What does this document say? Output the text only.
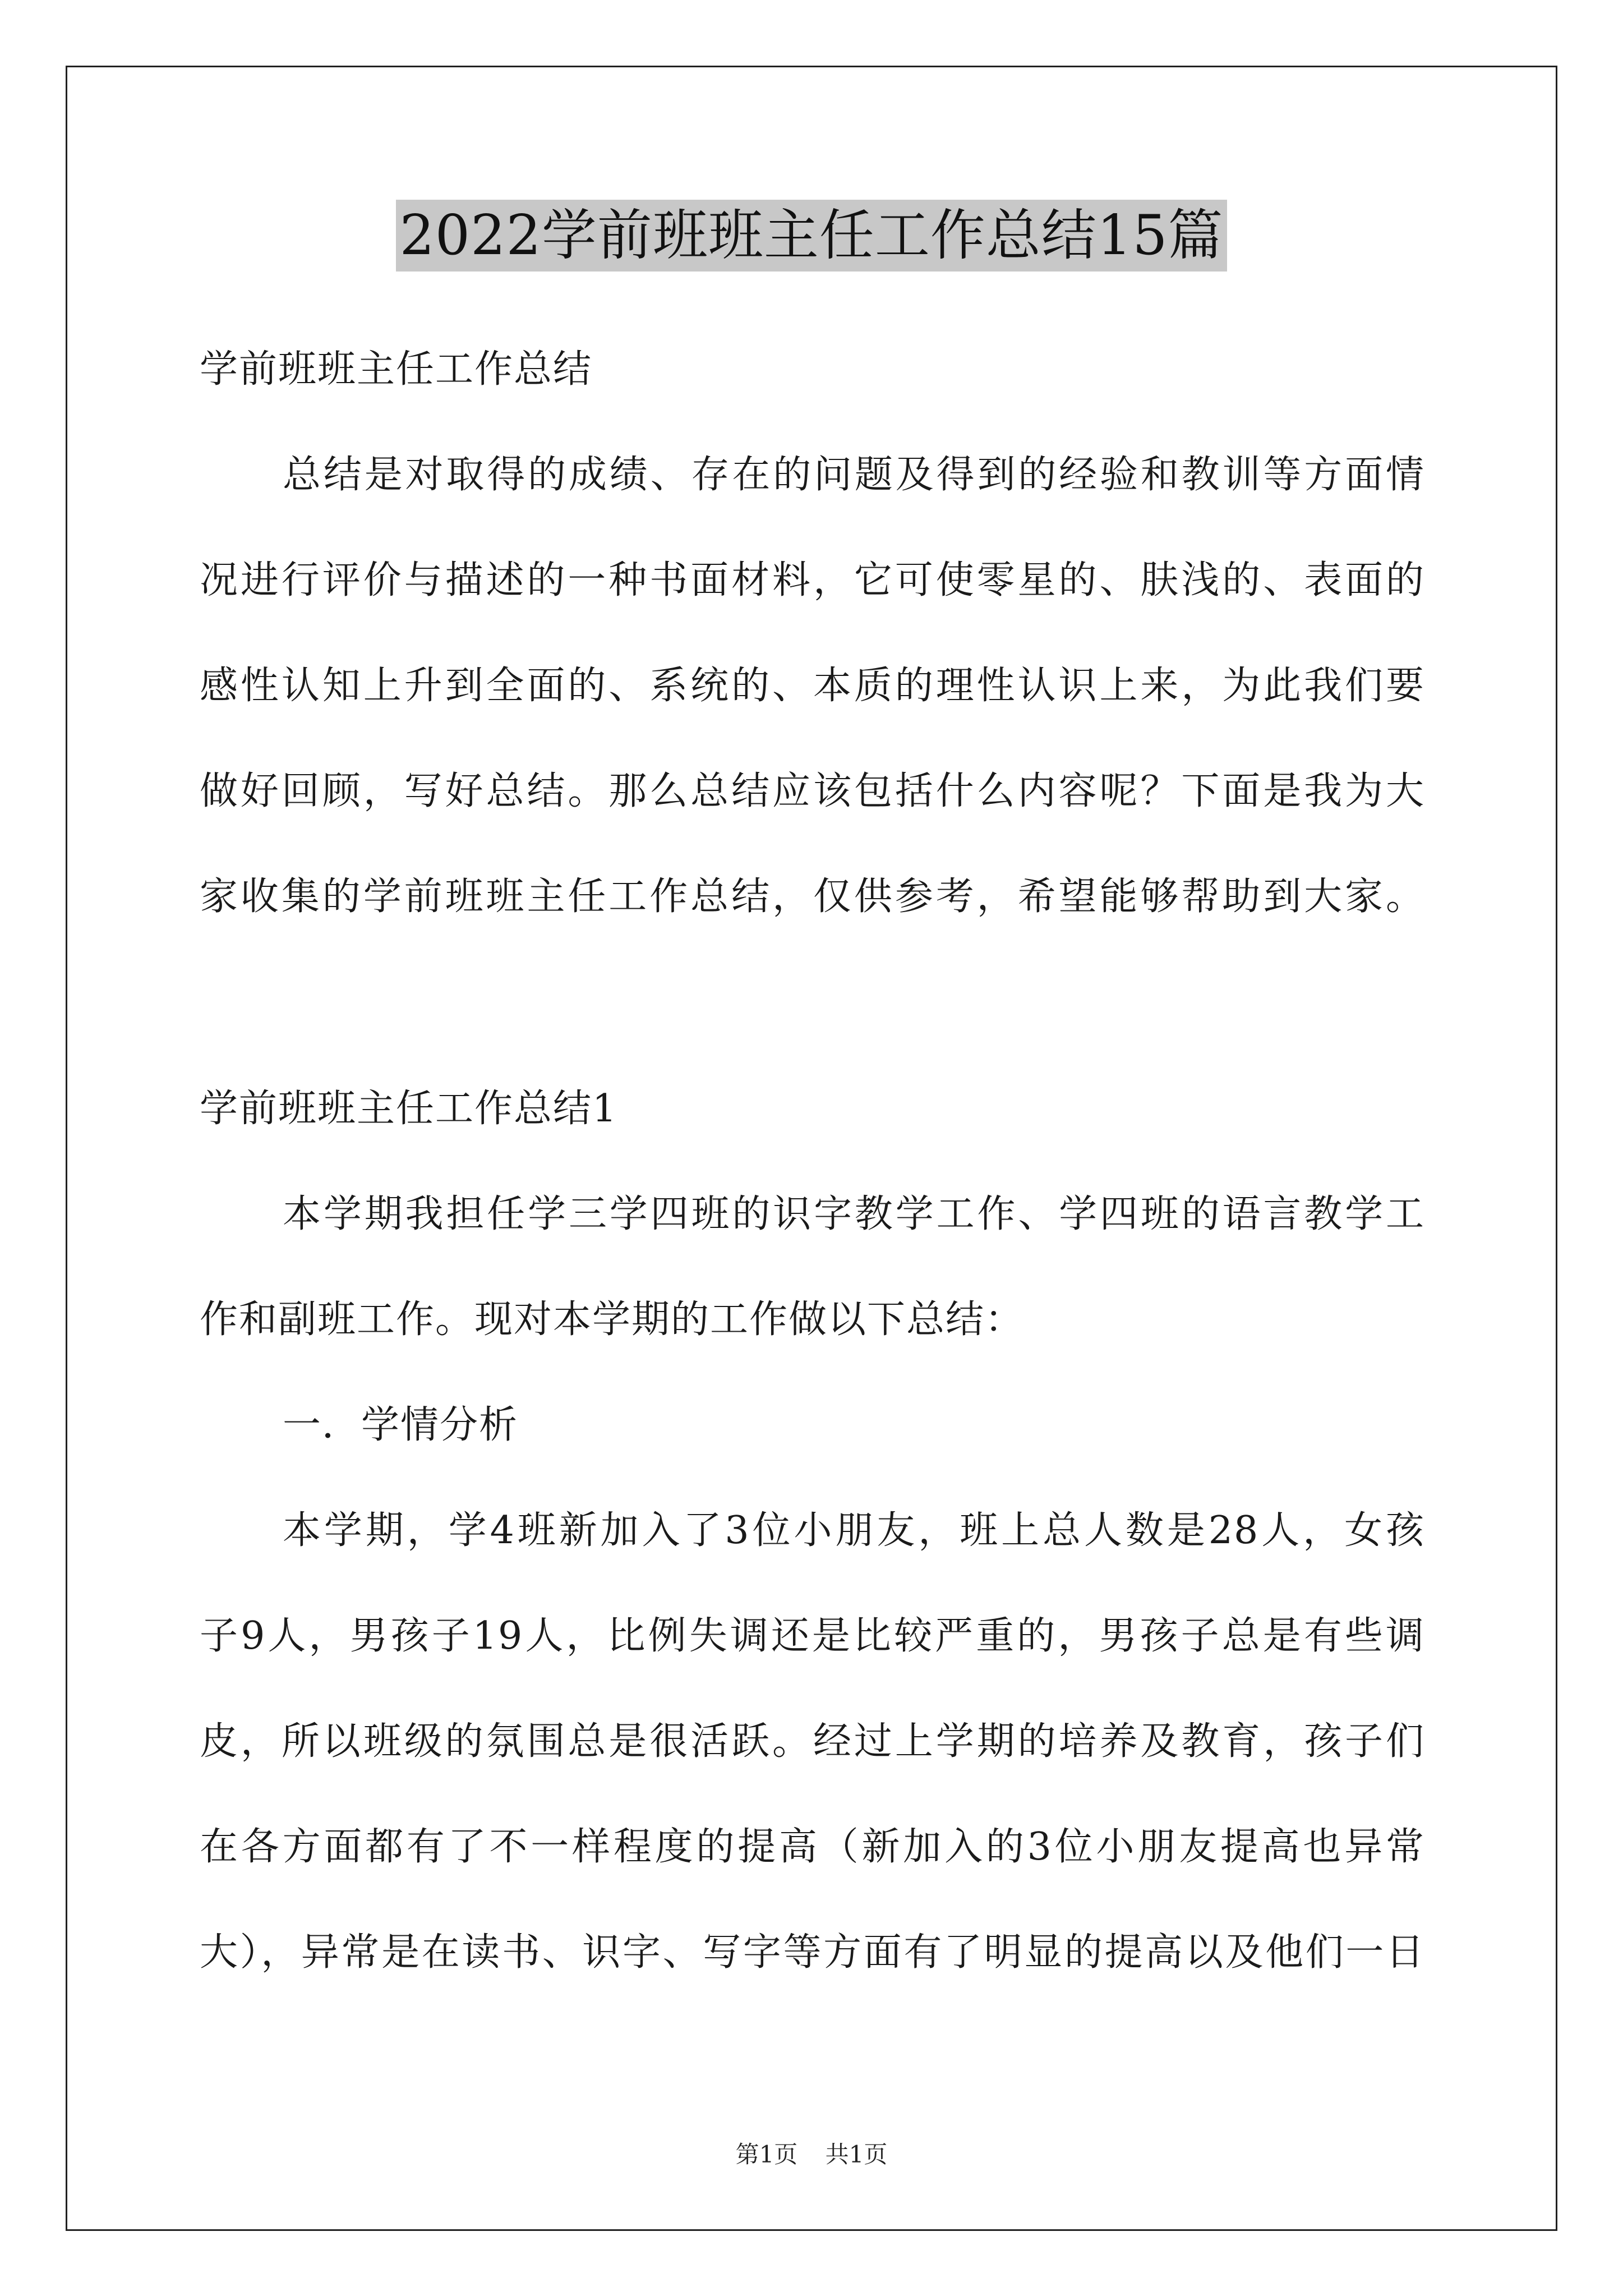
2022学前班班主任工作总结15篇
学前班班主任工作总结
总结是对取得的成绩、存在的问题及得到的经验和教训等方面情
况进行评价与描述的一种书面材料，它可使零星的、肤浅的、表面的
感性认知上升到全面的、系统的、本质的理性认识上来，为此我们要
做好回顾，写好总结。那么总结应该包括什么内容呢？下面是我为大
家收集的学前班班主任工作总结，仅供参考，希望能够帮助到大家。
学前班班主任工作总结1
本学期我担任学三学四班的识字教学工作、学四班的语言教学工
作和副班工作。现对本学期的工作做以下总结：
一．学情分析
本学期，学4班新加入了3位小朋友，班上总人数是28人，女孩
子9人，男孩子19人，比例失调还是比较严重的，男孩子总是有些调
皮，所以班级的氛围总是很活跃。经过上学期的培养及教育，孩子们
在各方面都有了不一样程度的提高（新加入的3位小朋友提高也异常
大），异常是在读书、识字、写字等方面有了明显的提高以及他们一日
第1页 共1页
